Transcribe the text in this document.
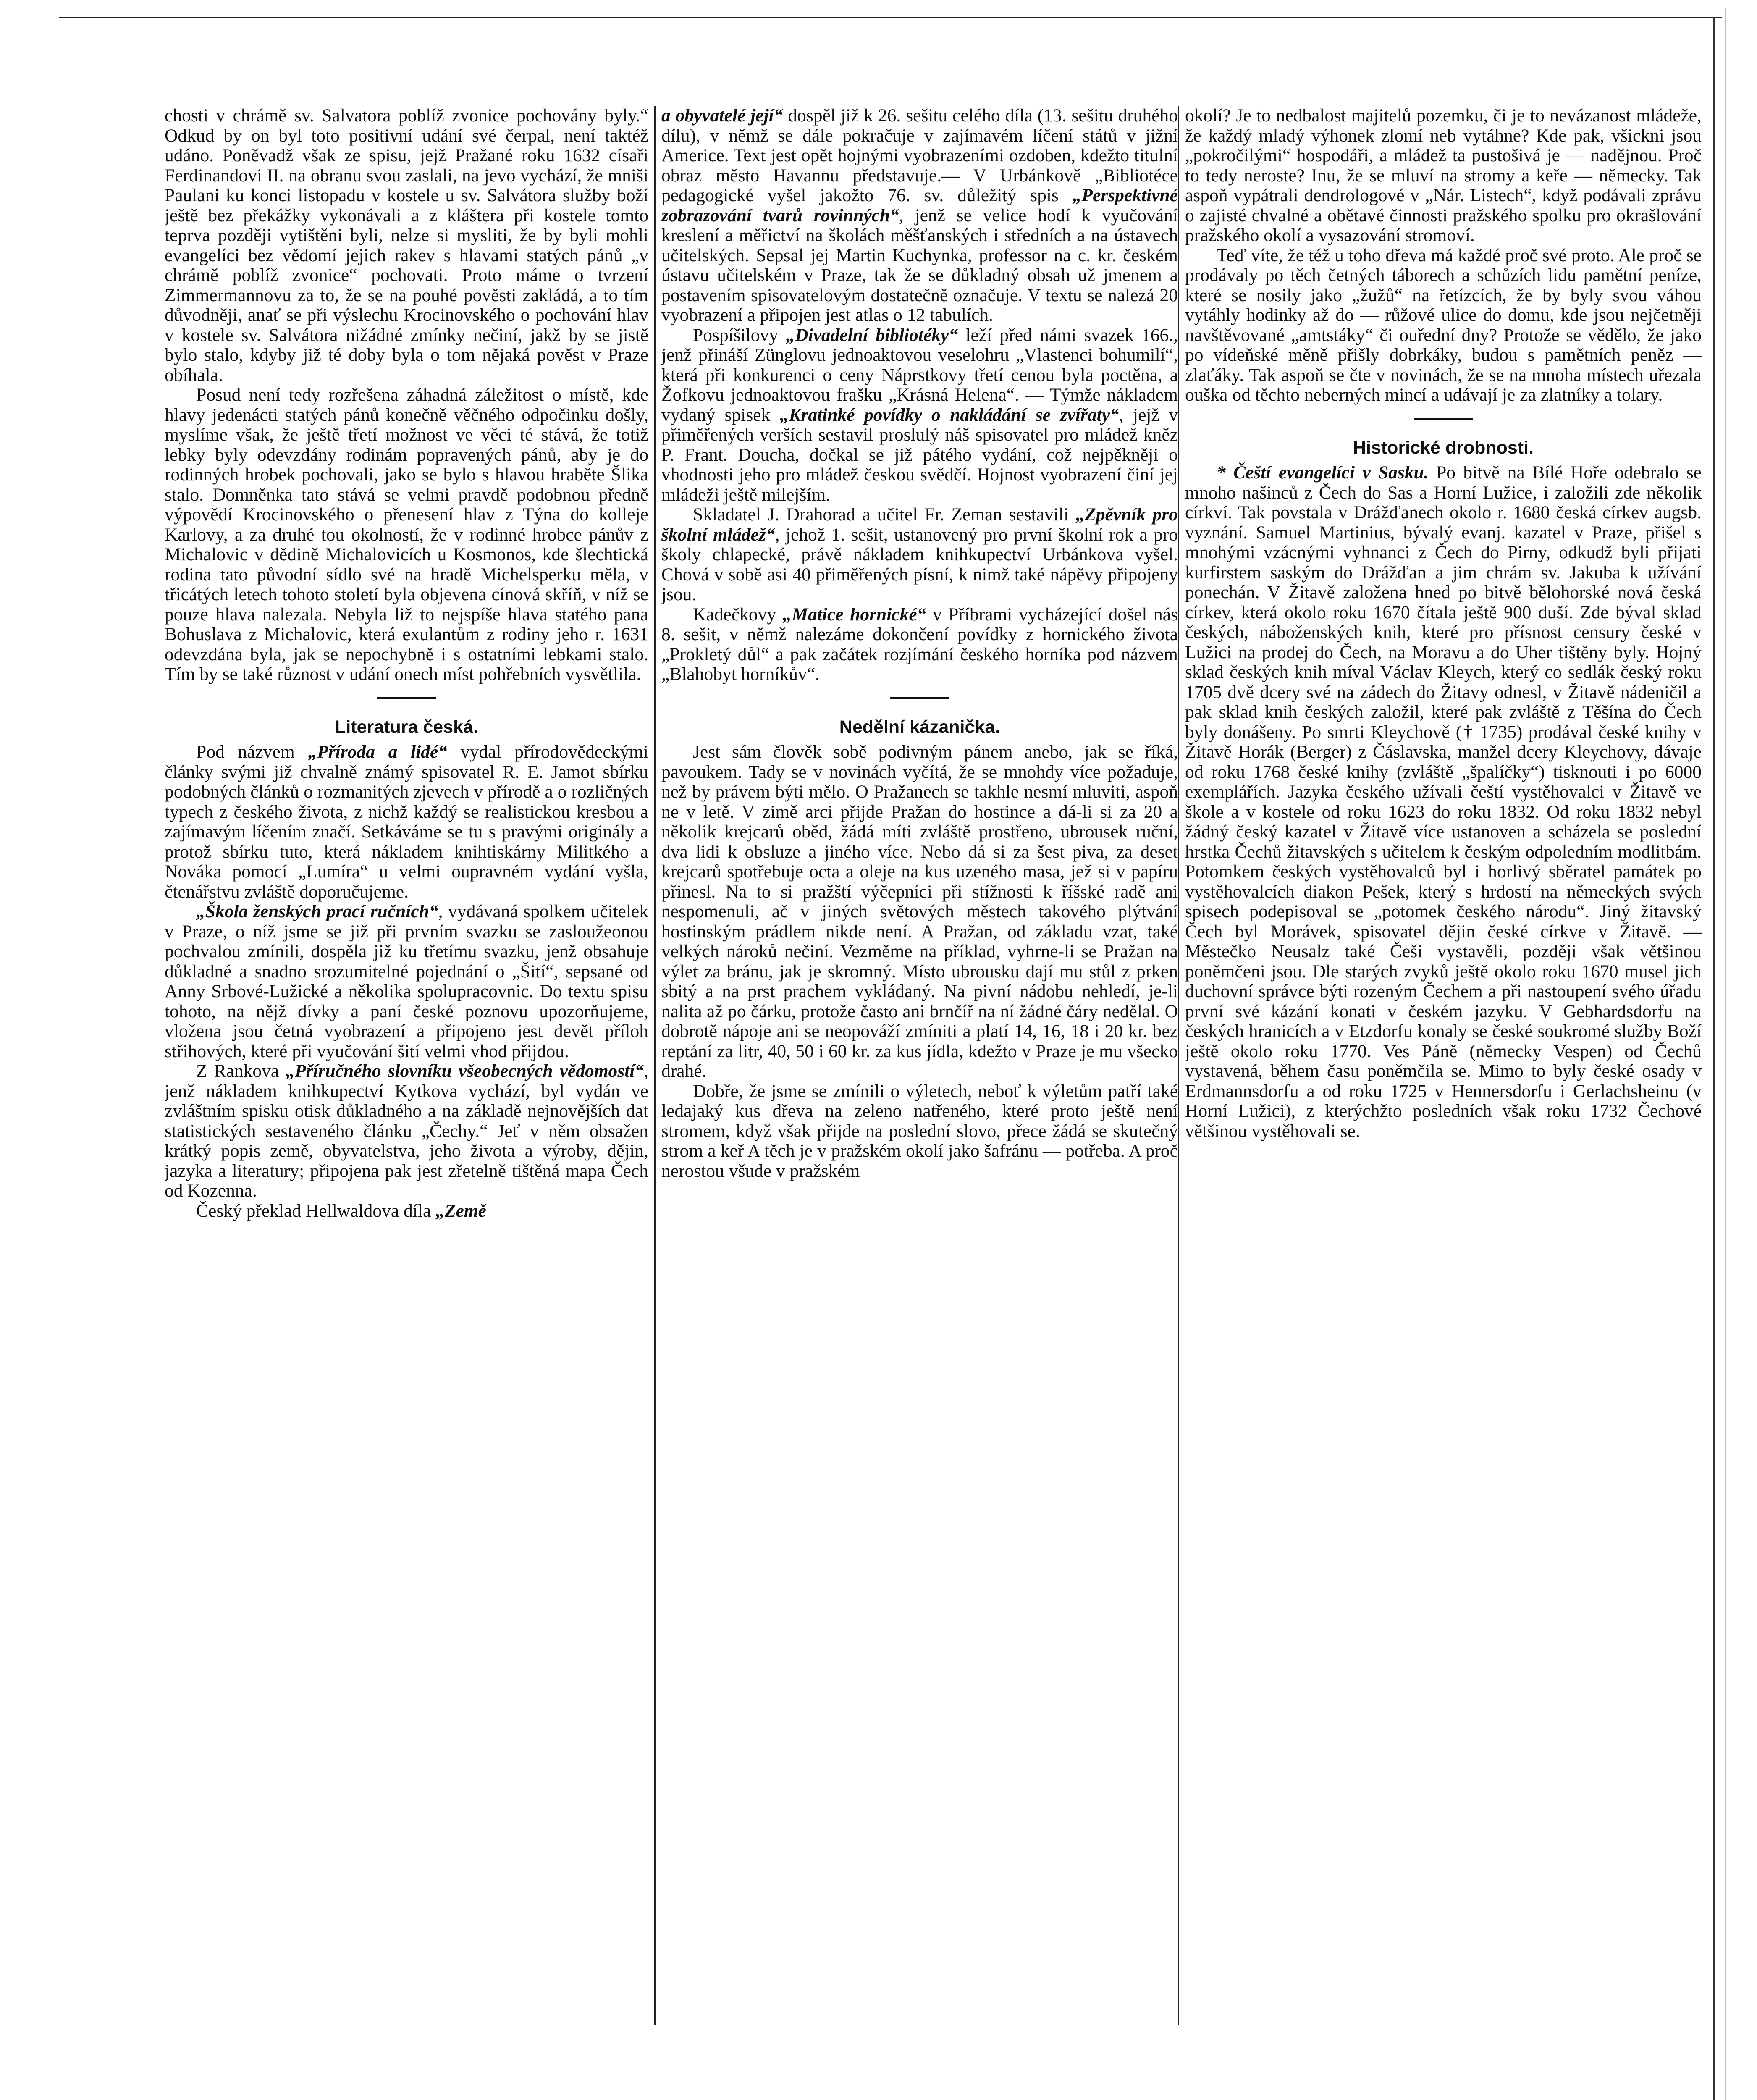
chosti v chrámě sv. Salvatora poblíž zvonice pochovány byly.“ Odkud by on byl toto positivní udání své čerpal, není taktéž udáno. Poněvadž však ze spisu, jejž Pražané roku 1632 císaři Ferdinandovi II. na obranu svou zaslali, na jevo vychází, že mniši Paulani ku konci listopadu v kostele u sv. Salvátora služby boží ještě bez překážky vykonávali a z kláštera při kostele tomto teprva později vytištěni byli, nelze si mysliti, že by byli mohli evangelíci bez vědomí jejich rakev s hlavami statých pánů „v chrámě poblíž zvonice“ pochovati. Proto máme o tvrzení Zimmermannovu za to, že se na pouhé pověsti zakládá, a to tím důvodněji, anať se při výslechu Krocinovského o pochování hlav v kostele sv. Salvátora nižádné zmínky nečiní, jakž by se jistě bylo stalo, kdyby již té doby byla o tom nějaká pověst v Praze obíhala.

Posud není tedy rozřešena záhadná záležitost o místě, kde hlavy jedenácti statých pánů konečně věčného odpočinku došly, myslíme však, že ještě třetí možnost ve věci té stává, že totiž lebky byly odevzdány rodinám popravených pánů, aby je do rodinných hrobek pochovali, jako se bylo s hlavou hraběte Šlika stalo. Domněnka tato stává se velmi pravdě podobnou předně výpovědí Krocinovského o přenesení hlav z Týna do kolleje Karlovy, a za druhé tou okolností, že v rodinné hrobce pánův z Michalovic v dědině Michalovicích u Kosmonos, kde šlechtická rodina tato původní sídlo své na hradě Michelsperku měla, v třicátých letech tohoto století byla objevena cínová skříň, v níž se pouze hlava nalezala. Nebyla liž to nejspíše hlava statého pana Bohuslava z Michalovic, která exulantům z rodiny jeho r. 1631 odevzdána byla, jak se nepochybně i s ostatními lebkami stalo. Tím by se také různost v udání onech míst pohřebních vysvětlila.

Literatura česká.

Pod názvem „Příroda a lidé“ vydal přírodovědeckými články svými již chvalně známý spisovatel R. E. Jamot sbírku podobných článků o rozmanitých zjevech v přírodě a o rozličných typech z českého života, z nichž každý se realistickou kresbou a zajímavým líčením značí. Setkáváme se tu s pravými originály a protož sbírku tuto, která nákladem knihtiskárny Militkého a Nováka pomocí „Lumíra“ u velmi oupravném vydání vyšla, čtenářstvu zvláště doporučujeme.

„Škola ženských prací ručních“, vydávaná spolkem učitelek v Praze, o níž jsme se již při prvním svazku se zasloužeonou pochvalou zmínili, dospěla již ku třetímu svazku, jenž obsahuje důkladné a snadno srozumitelné pojednání o „Šití“, sepsané od Anny Srbové-Lužické a několika spolupracovnic. Do textu spisu tohoto, na nějž dívky a paní české poznovu upozorňujeme, vložena jsou četná vyobrazení a připojeno jest devět příloh střihových, které při vyučování šití velmi vhod přijdou.

Z Rankova „Příručného slovníku všeobecných vědomostí“, jenž nákladem knihkupectví Kytkova vychází, byl vydán ve zvláštním spisku otisk důkladného a na základě nejnovějších dat statistických sestaveného článku „Čechy.“ Jeť v něm obsažen krátký popis země, obyvatelstva, jeho života a výroby, dějin, jazyka a literatury; připojena pak jest zřetelně tištěná mapa Čech od Kozenna.

Český překlad Hellwaldova díla „Země

a obyvatelé její“ dospěl již k 26. sešitu celého díla (13. sešitu druhého dílu), v němž se dále pokračuje v zajímavém líčení států v jižní Americe. Text jest opět hojnými vyobrazeními ozdoben, kdežto titulní obraz město Havannu představuje.— V Urbánkově „Bibliotéce pedagogické vyšel jakožto 76. sv. důležitý spis „Perspektivné zobrazování tvarů rovinných“, jenž se velice hodí k vyučování kreslení a měřictví na školách měšťanských i středních a na ústavech učitelských. Sepsal jej Martin Kuchynka, professor na c. kr. českém ústavu učitelském v Praze, tak že se důkladný obsah už jmenem a postavením spisovatelovým dostatečně označuje. V textu se nalezá 20 vyobrazení a připojen jest atlas o 12 tabulích.

Pospíšilovy „Divadelní bibliotéky“ leží před námi svazek 166., jenž přináší Zünglovu jednoaktovou veselohru „Vlastenci bohumilí“, která při konkurenci o ceny Náprstkovy třetí cenou byla poctěna, a Žofkovu jednoaktovou frašku „Krásná Helena“. — Týmže nákladem vydaný spisek „Kratinké povídky o nakládání se zvířaty“, jejž v přiměřených verších sestavil proslulý náš spisovatel pro mládež kněz P. Frant. Doucha, dočkal se již pátého vydání, což nejpěkněji o vhodnosti jeho pro mládež českou svědčí. Hojnost vyobrazení činí jej mládeži ještě milejším.

Skladatel J. Drahorad a učitel Fr. Zeman sestavili „Zpěvník pro školní mládež“, jehož 1. sešit, ustanovený pro první školní rok a pro školy chlapecké, právě nákladem knihkupectví Urbánkova vyšel. Chová v sobě asi 40 přiměřených písní, k nimž také nápěvy připojeny jsou.

Kadečkovy „Matice hornické“ v Příbrami vycházející došel nás 8. sešit, v němž nalezáme dokončení povídky z hornického života „Prokletý důl“ a pak začátek rozjímání českého horníka pod názvem „Blahobyt horníkův“.

Nedělní kázanička.

Jest sám člověk sobě podivným pánem anebo, jak se říká, pavoukem. Tady se v novinách vyčítá, že se mnohdy více požaduje, než by právem býti mělo. O Pražanech se takhle nesmí mluviti, aspoň ne v letě. V zimě arci přijde Pražan do hostince a dá-li si za 20 a několik krejcarů oběd, žádá míti zvláště prostřeno, ubrousek ruční, dva lidi k obsluze a jiného více. Nebo dá si za šest piva, za deset krejcarů spotřebuje octa a oleje na kus uzeného masa, jež si v papíru přinesl. Na to si pražští výčepníci při stížnosti k říšské radě ani nespomenuli, ač v jiných světových městech takového plýtvání hostinským prádlem nikde není. A Pražan, od základu vzat, také velkých nároků nečiní. Vezměme na příklad, vyhrne-li se Pražan na výlet za bránu, jak je skromný. Místo ubrousku dají mu stůl z prken sbitý a na prst prachem vykládaný. Na pivní nádobu nehledí, je-li nalita až po čárku, protože často ani brnčíř na ní žádné čáry nedělal. O dobrotě nápoje ani se neopováží zmíniti a platí 14, 16, 18 i 20 kr. bez reptání za litr, 40, 50 i 60 kr. za kus jídla, kdežto v Praze je mu všecko drahé.

Dobře, že jsme se zmínili o výletech, neboť k výletům patří také ledajaký kus dřeva na zeleno natřeného, které proto ještě není stromem, když však přijde na poslední slovo, přece žádá se skutečný strom a keř A těch je v pražském okolí jako šafránu — potřeba. A proč nerostou všude v pražském

okolí? Je to nedbalost majitelů pozemku, či je to nevázanost mládeže, že každý mladý výhonek zlomí neb vytáhne? Kde pak, všickni jsou „pokročilými“ hospodáři, a mládež ta pustošivá je — nadějnou. Proč to tedy neroste? Inu, že se mluví na stromy a keře — německy. Tak aspoň vypátrali dendrologové v „Nár. Listech“, když podávali zprávu o zajisté chvalné a obětavé činnosti pražského spolku pro okrašlování pražského okolí a vysazování stromoví.

Teď víte, že též u toho dřeva má každé proč své proto. Ale proč se prodávaly po těch četných táborech a schůzích lidu pamětní peníze, které se nosily jako „žužů“ na řetízcích, že by byly svou váhou vytáhly hodinky až do — růžové ulice do domu, kde jsou nejčetněji navštěvované „amtstáky“ či ouřední dny? Protože se vědělo, že jako po vídeňské měně přišly dobrkáky, budou s pamětních peněz — zlaťáky. Tak aspoň se čte v novinách, že se na mnoha místech uřezala ouška od těchto neberných mincí a udávají je za zlatníky a tolary.

Historické drobnosti.

* Čeští evangelíci v Sasku. Po bitvě na Bílé Hoře odebralo se mnoho našinců z Čech do Sas a Horní Lužice, i založili zde několik církví. Tak povstala v Drážďanech okolo r. 1680 česká církev augsb. vyznání. Samuel Martinius, bývalý evanj. kazatel v Praze, přišel s mnohými vzácnými vyhnanci z Čech do Pirny, odkudž byli přijati kurfirstem saským do Drážďan a jim chrám sv. Jakuba k užívání ponechán. V Žitavě založena hned po bitvě bělohorské nová česká církev, která okolo roku 1670 čítala ještě 900 duší. Zde býval sklad českých, náboženských knih, které pro přísnost censury české v Lužici na prodej do Čech, na Moravu a do Uher tištěny byly. Hojný sklad českých knih míval Václav Kleych, který co sedlák český roku 1705 dvě dcery své na zádech do Žitavy odnesl, v Žitavě nádeničil a pak sklad knih českých založil, které pak zvláště z Těšína do Čech byly donášeny. Po smrti Kleychově († 1735) prodával české knihy v Žitavě Horák (Berger) z Čáslavska, manžel dcery Kleychovy, dávaje od roku 1768 české knihy (zvláště „špalíčky“) tisknouti i po 6000 exemplářích. Jazyka českého užívali čeští vystěhovalci v Žitavě ve škole a v kostele od roku 1623 do roku 1832. Od roku 1832 nebyl žádný český kazatel v Žitavě více ustanoven a scházela se poslední hrstka Čechů žitavských s učitelem k českým odpoledním modlitbám. Potomkem českých vystěhovalců byl i horlivý sběratel památek po vystěhovalcích diakon Pešek, který s hrdostí na německých svých spisech podepisoval se „potomek českého národu“. Jiný žitavský Čech byl Morávek, spisovatel dějin české církve v Žitavě. — Městečko Neusalz také Češi vystavěli, později však většinou poněmčeni jsou. Dle starých zvyků ještě okolo roku 1670 musel jich duchovní správce býti rozeným Čechem a při nastoupení svého úřadu první své kázání konati v českém jazyku. V Gebhardsdorfu na českých hranicích a v Etzdorfu konaly se české soukromé služby Boží ještě okolo roku 1770. Ves Páně (německy Vespen) od Čechů vystavená, během času poněmčila se. Mimo to byly české osady v Erdmannsdorfu a od roku 1725 v Hennersdorfu i Gerlachsheinu (v Horní Lužici), z kterýchžto posledních však roku 1732 Čechové většinou vystěhovali se.
